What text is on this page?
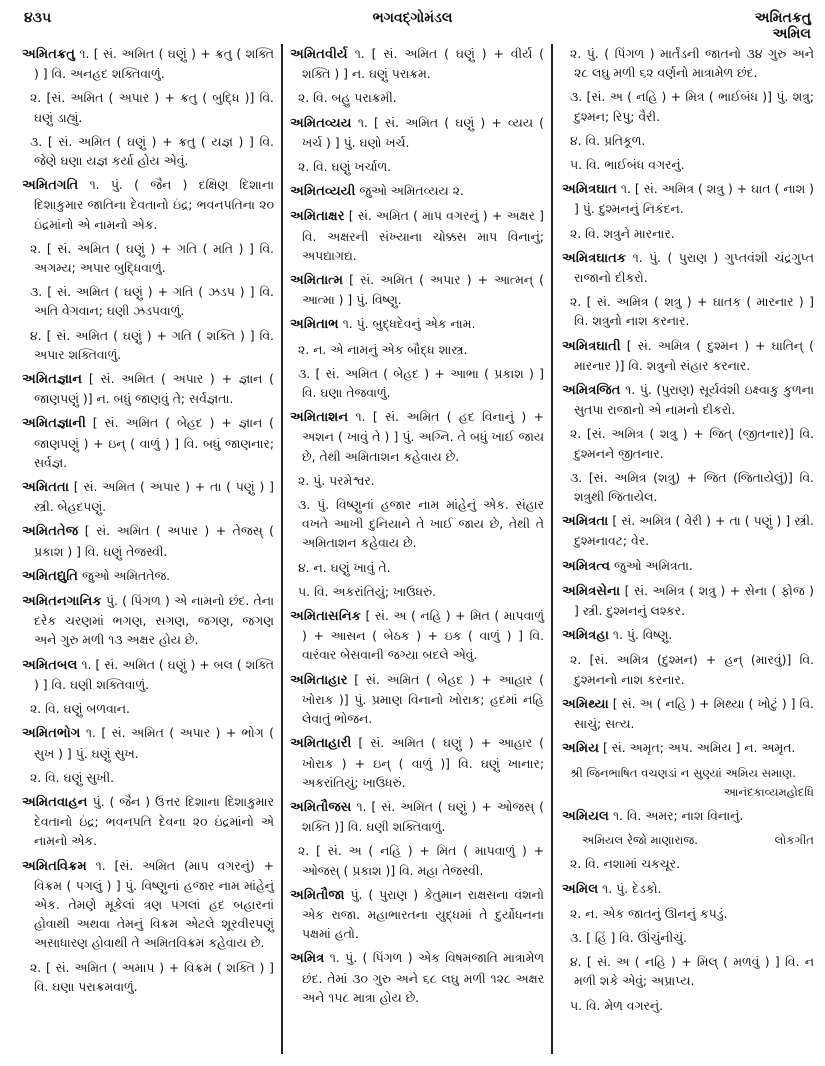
૪૩૫	ભગવદ્ગોમંડલ	અમિતક્રતુ
અમિલ
અમિતક્રતુ ૧. [ સં. અમિત ( ઘણું ) + ક્રતુ ( શક્તિ ) ] વિ. અનહદ શક્તિવાળું.
૨. [સં. અમિત ( અપાર ) + ક્રતુ ( બુદ્ધિ )] વિ. ઘણું ડાહ્યું.
૩. [ સં. અમિત ( ઘણું ) + ક્રતુ ( યજ્ઞ ) ] વિ. જેણે ઘણા યજ્ઞ કર્યા હોય એવું.
અમિતગતિ ૧. પું. ( જૈન ) દક્ષિણ દિશાના દિશાકુમાર જાતિના દેવતાનો ઇંદ્ર; ભવનપતિના ૨૦ ઇંદ્રમાંનો એ નામનો એક.
૨. [ સં. અમિત ( ઘણું ) + ગતિ ( મતિ ) ] વિ. અગમ્ય; અપાર બુદ્ધિવાળું.
૩. [ સં. અમિત ( ઘણું ) + ગતિ ( ઝડપ ) ] વિ. અતિ વેગવાન; ઘણી ઝડપવાળું.
૪. [ સં. અમિત ( ઘણું ) + ગતિ ( શક્તિ ) ] વિ. અપાર શક્તિવાળું.
અમિતજ્ઞાન [ સં. અમિત ( અપાર ) + જ્ઞાન ( જાણપણું )] ન. બધું જાણવું તે; સર્વજ્ઞતા.
અમિતજ્ઞાની [ સં. અમિત ( બેહદ ) + જ્ઞાન ( જાણપણું ) + ઇન્ ( વાળું ) ] વિ. બધું જાણનાર; સર્વજ્ઞ.
અમિતતા [ સં. અમિત ( અપાર ) + તા ( પણું ) ] સ્ત્રી. બેહદપણું.
અમિતતેજ [ સં. અમિત ( અપાર ) + તેજસ્ ( પ્રકાશ ) ] વિ. ઘણું તેજસ્વી.
અમિતદ્યુતિ જુઓ અમિતતેજ.
અમિતનગાનિક પું. ( પિંગળ ) એ નામનો છંદ. તેના દરેક ચરણમાં ભગણ, સગણ, જગણ, જગણ અને ગુરુ મળી ૧૩ અક્ષર હોય છે.
અમિતબલ ૧. [ સં. અમિત ( ઘણું ) + બલ ( શક્તિ ) ] વિ. ઘણી શક્તિવાળું.
૨. વિ. ઘણું બળવાન.
અમિતભોગ ૧. [ સં. અમિત ( અપાર ) + ભોગ ( સુખ ) ] પું. ઘણું સુખ.
૨. વિ. ઘણું સુખી.
અમિતવાહન પું. ( જૈન ) ઉત્તર દિશાના દિશાકુમાર દેવતાનો ઇંદ્ર; ભવનપતિ દેવના ૨૦ ઇંદ્રમાંનો એ નામનો એક.
અમિતવિક્રમ ૧. [સં. અમિત (માપ વગરનું) + વિક્રમ ( પગલું ) ] પું. વિષ્ણુનાં હજાર નામ માંહેનું એક. તેમણે મૂકેલાં ત્રણ પગલાં હદ બહારનાં હોવાથી અથવા તેમનું વિક્રમ એટલે શૂરવીરપણું અસાધારણ હોવાથી તે અમિતવિક્રમ કહેવાય છે.
૨. [ સં. અમિત ( અમાપ ) + વિક્રમ ( શક્તિ ) ] વિ. ઘણા પરાક્રમવાળું.
અમિતવીર્ય ૧. [ સં. અમિત ( ઘણું ) + વીર્ય ( શક્તિ ) ] ન. ઘણું પરાક્રમ.
૨. વિ. બહુ પરાક્રમી.
અમિતવ્યય ૧. [ સં. અમિત ( ઘણું ) + વ્યય ( ખર્ચ ) ] પું. ઘણો ખર્ચ.
૨. વિ. ઘણું ખર્ચાળ.
અમિતવ્યયી જુઓ અમિતવ્યય ૨.
અમિતાક્ષર [ સં. અમિત ( માપ વગરનું ) + અક્ષર ] વિ. અક્ષરની સંખ્યાના ચોક્કસ માપ વિનાનું; અપદ્યાગદ્ય.
અમિતાત્મ [ સં. અમિત ( અપાર ) + આત્મન્ ( આત્મા ) ] પું. વિષ્ણુ.
અમિતાભ ૧. પું. બુદ્ધદેવનું એક નામ.
૨. ન. એ નામનું એક બૌદ્ધ શાસ્ત્ર.
૩. [ સં. અમિત ( બેહદ ) + આભા ( પ્રકાશ ) ] વિ. ઘણા તેજવાળું.
અમિતાશન ૧. [ સં. અમિત ( હદ વિનાનું ) + અશન ( ખાવું તે ) ] પું. અગ્નિ. તે બધું ખાઈ જાય છે, તેથી અમિતાશન કહેવાય છે.
૨. પું. પરમેશ્વર.
૩. પું. વિષ્ણુનાં હજાર નામ માંહેનું એક. સંહાર વખતે આખી દુનિયાને તે ખાઈ જાય છે, તેથી તે અમિતાશન કહેવાય છે.
૪. ન. ઘણું ખાવું તે.
૫. વિ. અકરાંતિયું; ખાઉધરું.
અમિતાસનિક [ સં. અ ( નહિ ) + મિત ( માપવાળું ) + આસન ( બેઠક ) + ઇક ( વાળું ) ] વિ. વારંવાર બેસવાની જગ્યા બદલે એવું.
અમિતાહાર [ સં. અમિત ( બેહદ ) + આહાર ( ખોરાક )] પું. પ્રમાણ વિનાનો ખોરાક; હદમાં નહિ લેવાતું ભોજન.
અમિતાહારી [ સં. અમિત ( ઘણું ) + આહાર ( ખોરાક ) + ઇન્ ( વાળું )] વિ. ઘણું ખાનાર; અકરાંતિયું; ખાઉધરું.
અમિતૌજસ ૧. [ સં. અમિત ( ઘણું ) + ઓજસ્ ( શક્તિ )] વિ. ઘણી શક્તિવાળું.
૨. [ સં. અ ( નહિ ) + મિત ( માપવાળું ) + ઓજસ્ ( પ્રકાશ )] વિ. મહા તેજસ્વી.
અમિતૌજા પું. ( પુરાણ ) કેતુમાન રાક્ષસના વંશનો એક રાજા. મહાભારતના યુદ્ધમાં તે દુર્યોધનના પક્ષમાં હતો.
અમિત્ર ૧. પું. ( પિંગળ ) એક વિષમજાતિ માત્રામેળ છંદ. તેમાં ૩૦ ગુરુ અને ૬૮ લઘુ મળી ૧૨૮ અક્ષર અને ૧૫૮ માત્રા હોય છે.
૨. પું. ( પિંગળ ) માર્તંડની જાતનો ૩૪ ગુરુ અને ૨૮ લઘુ મળી ૬૨ વર્ણનો માત્રામેળ છંદ.
૩. [સં. અ ( નહિ ) + મિત્ર ( ભાઈબંધ )] પું. શત્રુ; દુશ્મન; રિપુ; વૈરી.
૪. વિ. પ્રતિકૂળ.
૫. વિ. ભાઈબંધ વગરનું.
અમિત્રઘાત ૧. [ સં. અમિત્ર ( શત્રુ ) + ઘાત ( નાશ ) ] પું. દુશ્મનનું નિકંદન.
૨. વિ. શત્રુને મારનાર.
અમિત્રઘાતક ૧. પું. ( પુરાણ ) ગુપ્તવંશી ચંદ્રગુપ્ત રાજાનો દીકરો.
૨. [ સં. અમિત્ર ( શત્રુ ) + ઘાતક ( મારનાર ) ] વિ. શત્રુનો નાશ કરનાર.
અમિત્રઘાતી [ સં. અમિત્ર ( દુશ્મન ) + ઘાતિન્ ( મારનાર )] વિ. શત્રુનો સંહાર કરનાર.
અમિત્રજિત ૧. પું. (પુરાણ) સૂર્યવંશી ઇક્ષ્વાકુ કુળના સુતપા રાજાનો એ નામનો દીકરો.
૨. [સં. અમિત્ર ( શત્રુ ) + જિત્ (જીતનાર)] વિ. દુશ્મનને જીતનાર.
૩. [સં. અમિત્ર (શત્રુ) + જિત (જિતાયેલું)] વિ. શત્રુથી જિતાયેલ.
અમિત્રતા [ સં. અમિત્ર ( વેરી ) + તા ( પણું ) ] સ્ત્રી. દુશ્મનાવટ; વેર.
અમિત્રત્વ જુઓ અમિત્રતા.
અમિત્રસેના [ સં. અમિત્ર ( શત્રુ ) + સેના ( ફોજ ) ] સ્ત્રી. દુશ્મનનું લશ્કર.
અમિત્રહા ૧. પું. વિષ્ણુ.
૨. [સં. અમિત્ર (દુશ્મન) + હન્ (મારવું)] વિ. દુશ્મનનો નાશ કરનાર.
અમિથ્યા [ સં. અ ( નહિ ) + મિથ્યા ( ખોટું ) ] વિ. સાચું; સત્ય.
અમિય [ સં. અમૃત; અપ. અમિય ] ન. અમૃત.
શ્રી જિનભાષિત વચણડાં ન સુણ્યાં અમિય સમાણ.
આનંદકાવ્યમહોદધિ
અમિયલ ૧. વિ. અમર; નાશ વિનાનું.
અમિયલ રેજો માણારાજ.	લોકગીત
૨. વિ. નશામાં ચકચૂર.
અમિલ ૧. પું. દેડકો.
૨. ન. એક જાતનું ઊનનું કપડું.
૩. [ હિં ] વિ. ઊંચુંનીચું.
૪. [ સં. અ ( નહિ ) + મિલ્ ( મળવું ) ] વિ. ન મળી શકે એવું; અપ્રાપ્ય.
૫. વિ. મેળ વગરનું.
